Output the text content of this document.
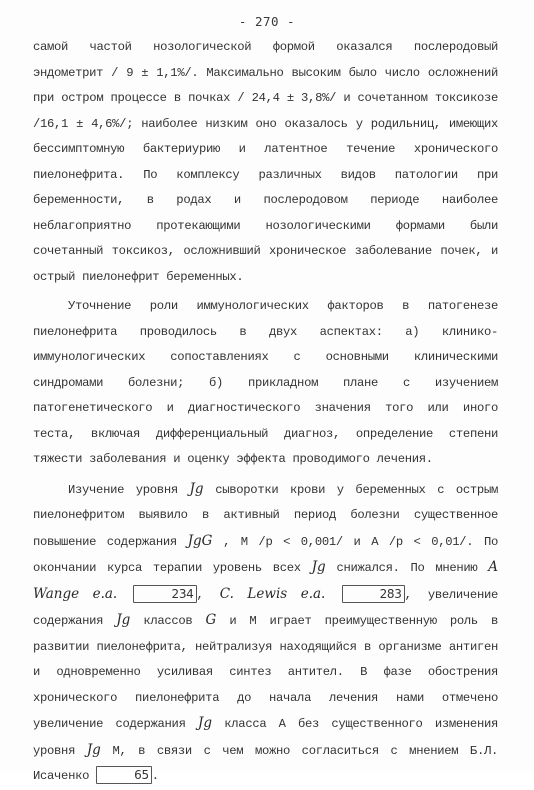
- 270 -

самой частой нозологической формой оказался послеродовый эндометрит / 9 ± 1,1%/. Максимально высоким было число осложнений при остром процессе в почках / 24,4 ± 3,8%/ и сочетанном токсикозе /16,1 ± 4,6%/; наиболее низким оно оказалось у родильниц, имеющих бессимптомную бактериурию и латентное течение хронического пиелонефрита. По комплексу различных видов патологии при беременности, в родах и послеродовом периоде наиболее неблагоприятно протекающими нозологическими формами были сочетанный токсикоз, осложнивший хроническое заболевание почек, и острый пиелонефрит беременных.

Уточнение роли иммунологических факторов в патогенезе пиелонефрита проводилось в двух аспектах: а) клинико- иммунологических сопоставлениях с основными клиническими синдромами болезни; б) прикладном плане с изучением патогенетического и диагностического значения того или иного теста, включая дифференциальный диагноз, определение степени тяжести заболевания и оценку эффекта проводимого лечения.

Изучение уровня Jg сыворотки крови у беременных с острым пиелонефритом выявило в активный период болезни существенное повышение содержания JgG , M /p < 0,001/ и A /p < 0,01/. По окончании курса терапии уровень всех Jg снижался. По мнению A Wange e.a.	234 , C. Lewis e.a.	283 , увеличение содержания Jg классов G и M играет преимущественную роль в развитии пиелонефрита, нейтрализуя находящийся в организме антиген и одновременно усиливая синтез антител. В фазе обострения хронического пиелонефрита до начала лечения нами отмечено увеличение содержания Jg класса A без существенного изменения уровня Jg M, в связи с чем можно согласиться с мнением Б.Л. Исаченко	65 .
